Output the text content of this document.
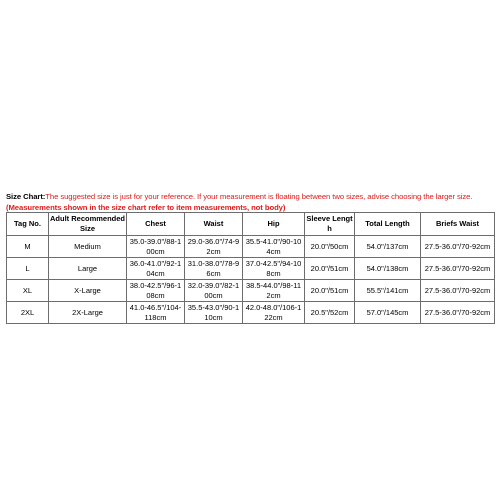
Size Chart:The suggested size is just for your reference. If your measurement is floating between two sizes, advise choosing the larger size. (Measurements shown in the size chart refer to item measurements, not body)
Tag No.	Adult Recommended Size	Chest	Waist	Hip	Sleeve Length	Total Length	Briefs Waist
M	Medium	35.0-39.0"/88-100cm	29.0-36.0"/74-92cm	35.5-41.0"/90-104cm	20.0"/50cm	54.0"/137cm	27.5-36.0"/70-92cm
L	Large	36.0-41.0"/92-104cm	31.0-38.0"/78-96cm	37.0-42.5"/94-108cm	20.0"/51cm	54.0"/138cm	27.5-36.0"/70-92cm
XL	X-Large	38.0-42.5"/96-108cm	32.0-39.0"/82-100cm	38.5-44.0"/98-112cm	20.0"/51cm	55.5"/141cm	27.5-36.0"/70-92cm
2XL	2X-Large	41.0-46.5"/104-118cm	35.5-43.0"/90-110cm	42.0-48.0"/106-122cm	20.5"/52cm	57.0"/145cm	27.5-36.0"/70-92cm
